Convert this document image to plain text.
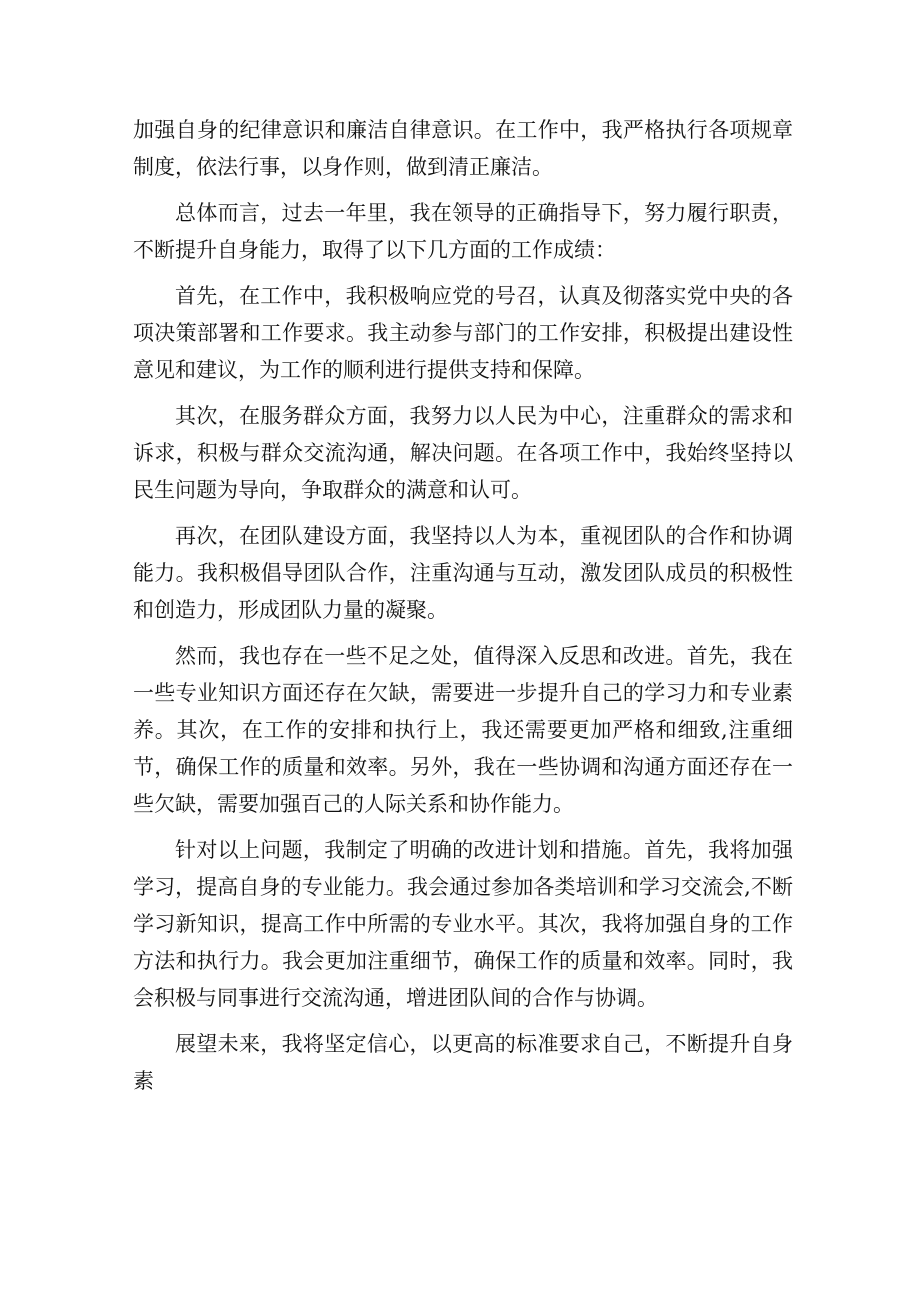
加强自身的纪律意识和廉洁自律意识。在工作中，我严格执行各项规章制度，依法行事，以身作则，做到清正廉洁。

总体而言，过去一年里，我在领导的正确指导下，努力履行职责，不断提升自身能力，取得了以下几方面的工作成绩：

首先，在工作中，我积极响应党的号召，认真及彻落实党中央的各项决策部署和工作要求。我主动参与部门的工作安排，积极提出建设性意见和建议，为工作的顺利进行提供支持和保障。

其次，在服务群众方面，我努力以人民为中心，注重群众的需求和诉求，积极与群众交流沟通，解决问题。在各项工作中，我始终坚持以民生问题为导向，争取群众的满意和认可。

再次，在团队建设方面，我坚持以人为本，重视团队的合作和协调能力。我积极倡导团队合作，注重沟通与互动，激发团队成员的积极性和创造力，形成团队力量的凝聚。

然而，我也存在一些不足之处，值得深入反思和改进。首先，我在一些专业知识方面还存在欠缺，需要进一步提升自己的学习力和专业素养。其次，在工作的安排和执行上，我还需要更加严格和细致,注重细节，确保工作的质量和效率。另外，我在一些协调和沟通方面还存在一些欠缺，需要加强百己的人际关系和协作能力。

针对以上问题，我制定了明确的改进计划和措施。首先，我将加强学习，提高自身的专业能力。我会通过参加各类培训和学习交流会,不断学习新知识，提高工作中所需的专业水平。其次，我将加强自身的工作方法和执行力。我会更加注重细节，确保工作的质量和效率。同时，我会积极与同事进行交流沟通，增进团队间的合作与协调。

展望未来，我将坚定信心，以更高的标准要求自己，不断提升自身素
